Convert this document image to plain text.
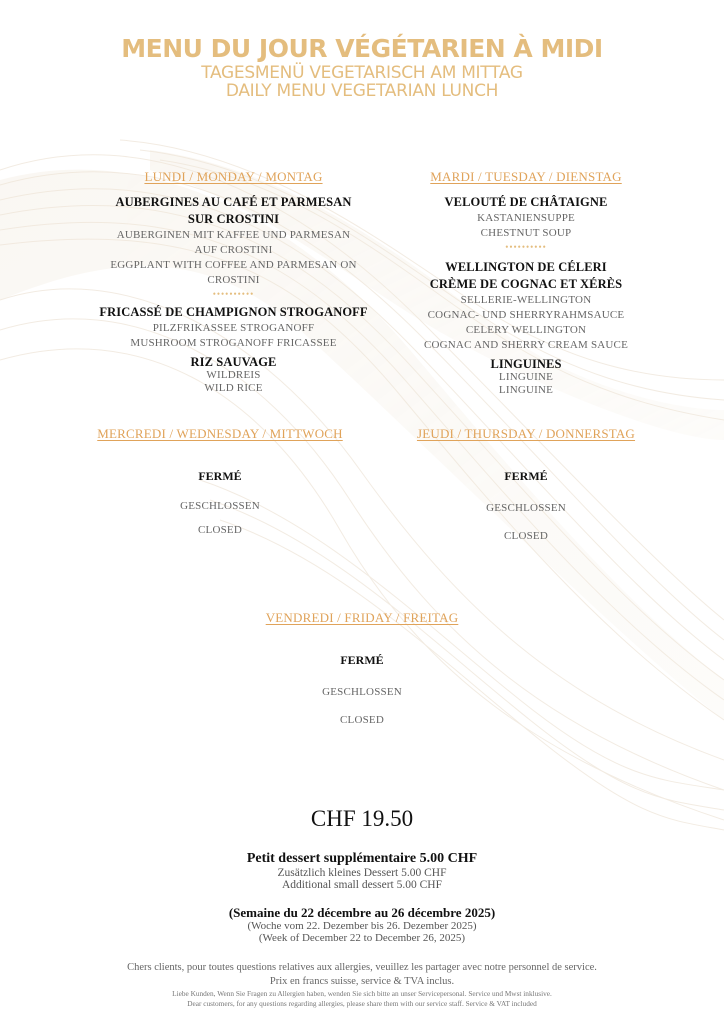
MENU DU JOUR VÉGÉTARIEN À MIDI
TAGESMENÜ VEGETARISCH AM MITTAG
DAILY MENU VEGETARIAN LUNCH
LUNDI / MONDAY / MONTAG
AUBERGINES AU CAFÉ ET PARMESAN
SUR CROSTINI
AUBERGINEN MIT KAFFEE UND PARMESAN
AUF CROSTINI
EGGPLANT WITH COFFEE AND PARMESAN ON
CROSTINI
••••••••••
FRICASSÉ DE CHAMPIGNON STROGANOFF
PILZFRIKASSEE STROGANOFF
MUSHROOM STROGANOFF FRICASSEE
RIZ SAUVAGE
WILDREIS
WILD RICE
MARDI / TUESDAY / DIENSTAG
VELOUTÉ DE CHÂTAIGNE
KASTANIENSUPPE
CHESTNUT SOUP
••••••••••
WELLINGTON DE CÉLERI
CRÈME DE COGNAC ET XÉRÈS
SELLERIE-WELLINGTON
COGNAC- UND SHERRYRAHMSAUCE
CELERY WELLINGTON
COGNAC AND SHERRY CREAM SAUCE
LINGUINES
LINGUINE
LINGUINE
MERCREDI / WEDNESDAY / MITTWOCH
FERMÉ
GESCHLOSSEN
CLOSED
JEUDI / THURSDAY / DONNERSTAG
FERMÉ
GESCHLOSSEN
CLOSED
VENDREDI / FRIDAY / FREITAG
FERMÉ
GESCHLOSSEN
CLOSED
CHF 19.50
Petit dessert supplémentaire 5.00 CHF
Zusätzlich kleines Dessert 5.00 CHF
Additional small dessert 5.00 CHF
(Semaine du 22 décembre au 26 décembre 2025)
(Woche vom 22. Dezember bis 26. Dezember 2025)
(Week of December 22 to December 26, 2025)
Chers clients, pour toutes questions relatives aux allergies, veuillez les partager avec notre personnel de service.
Prix en francs suisse, service & TVA inclus.
Liebe Kunden, Wenn Sie Fragen zu Allergien haben, wenden Sie sich bitte an unser Servicepersonal. Service und Mwst inklusive.
Dear customers, for any questions regarding allergies, please share them with our service staff. Service & VAT included
